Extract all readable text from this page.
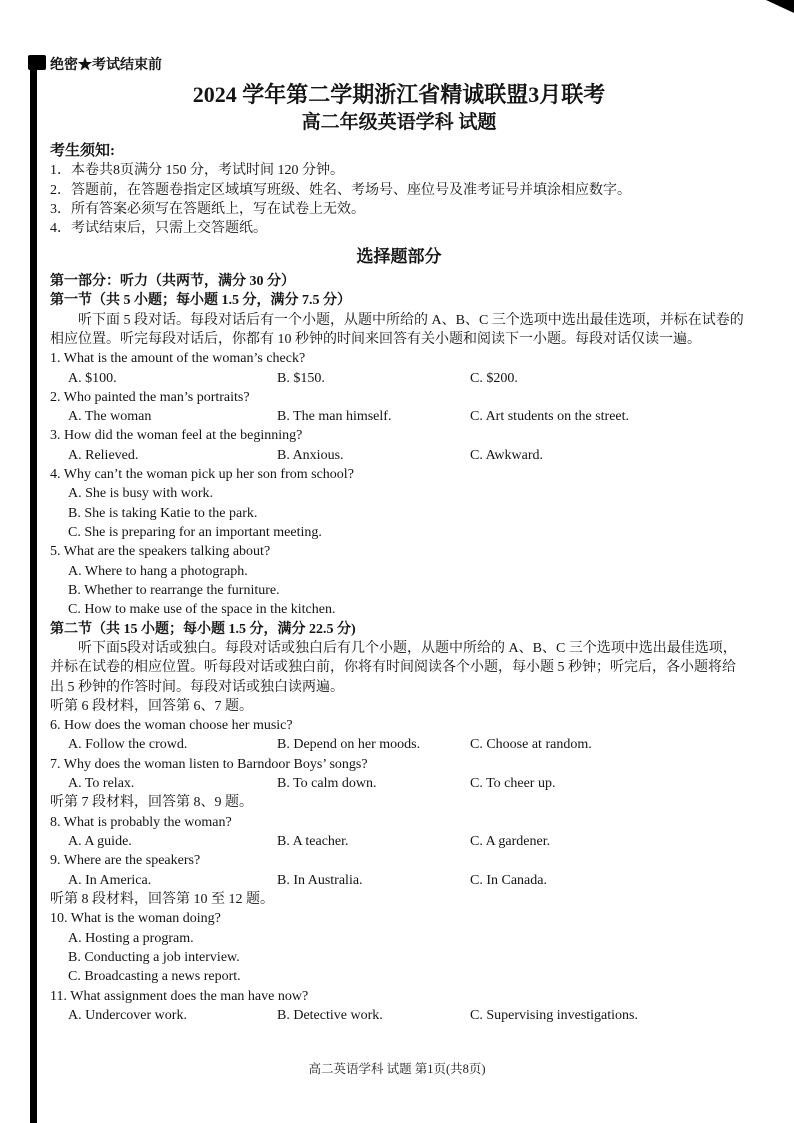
绝密★考试结束前
2024 学年第二学期浙江省精诚联盟3月联考
高二年级英语学科 试题
考生须知:
1．本卷共8页满分 150 分，考试时间 120 分钟。
2．答题前，在答题卷指定区域填写班级、姓名、考场号、座位号及准考证号并填涂相应数字。
3．所有答案必须写在答题纸上，写在试卷上无效。
4．考试结束后，只需上交答题纸。
选择题部分
第一部分：听力（共两节，满分 30 分）
第一节（共 5 小题；每小题 1.5 分，满分 7.5 分）

听下面 5 段对话。每段对话后有一个小题，从题中所给的 A、B、C 三个选项中选出最佳选项，并标在试卷的相应位置。听完每段对话后，你都有 10 秒钟的时间来回答有关小题和阅读下一小题。每段对话仅读一遍。

1. What is the amount of the woman’s check?
A. $100.	B. $150.	C. $200.
2. Who painted the man’s portraits?
A. The woman	B. The man himself.	C. Art students on the street.
3. How did the woman feel at the beginning?
A. Relieved.	B. Anxious.	C. Awkward.
4. Why can’t the woman pick up her son from school?
A. She is busy with work.
B. She is taking Katie to the park.
C. She is preparing for an important meeting.
5. What are the speakers talking about?
A. Where to hang a photograph.
B. Whether to rearrange the furniture.
C. How to make use of the space in the kitchen.
第二节（共 15 小题；每小题 1.5 分，满分 22.5 分)

听下面5段对话或独白。每段对话或独白后有几个小题，从题中所给的 A、B、C 三个选项中选出最佳选项，并标在试卷的相应位置。听每段对话或独白前，你将有时间阅读各个小题，每小题 5 秒钟；听完后，各小题将给出 5 秒钟的作答时间。每段对话或独白读两遍。

听第 6 段材料，回答第 6、7 题。
6. How does the woman choose her music?
A. Follow the crowd.	B. Depend on her moods.	C. Choose at random.
7. Why does the woman listen to Barndoor Boys’ songs?
A. To relax.	B. To calm down.	C. To cheer up.
听第 7 段材料，回答第 8、9 题。
8. What is probably the woman?
A. A guide.	B. A teacher.	C. A gardener.
9. Where are the speakers?
A. In America.	B. In Australia.	C. In Canada.
听第 8 段材料，回答第 10 至 12 题。
10. What is the woman doing?
A. Hosting a program.
B. Conducting a job interview.
C. Broadcasting a news report.
11. What assignment does the man have now?
A. Undercover work.	B. Detective work.	C. Supervising investigations.
高二英语学科 试题 第1页(共8页)
